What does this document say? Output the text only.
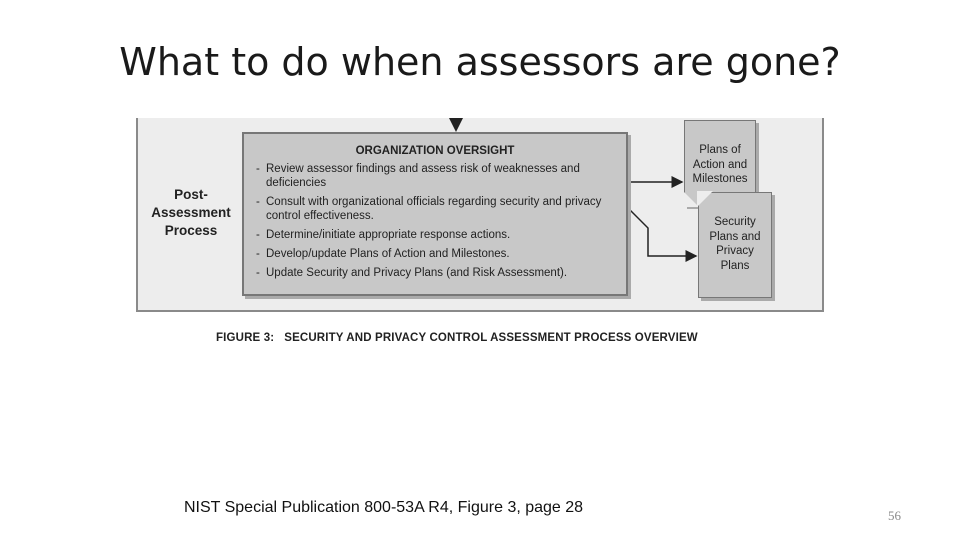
What to do when assessors are gone?
Post-
Assessment
Process
ORGANIZATION OVERSIGHT
- Review assessor findings and assess risk of weaknesses and deficiencies
- Consult with organizational officials regarding security and privacy control effectiveness.
- Determine/initiate appropriate response actions.
- Develop/update Plans of Action and Milestones.
- Update Security and Privacy Plans (and Risk Assessment).
Plans of
Action and
Milestones
Security
Plans and
Privacy
Plans
FIGURE 3:   SECURITY AND PRIVACY CONTROL ASSESSMENT PROCESS OVERVIEW
NIST Special Publication 800-53A R4, Figure 3, page 28	56
